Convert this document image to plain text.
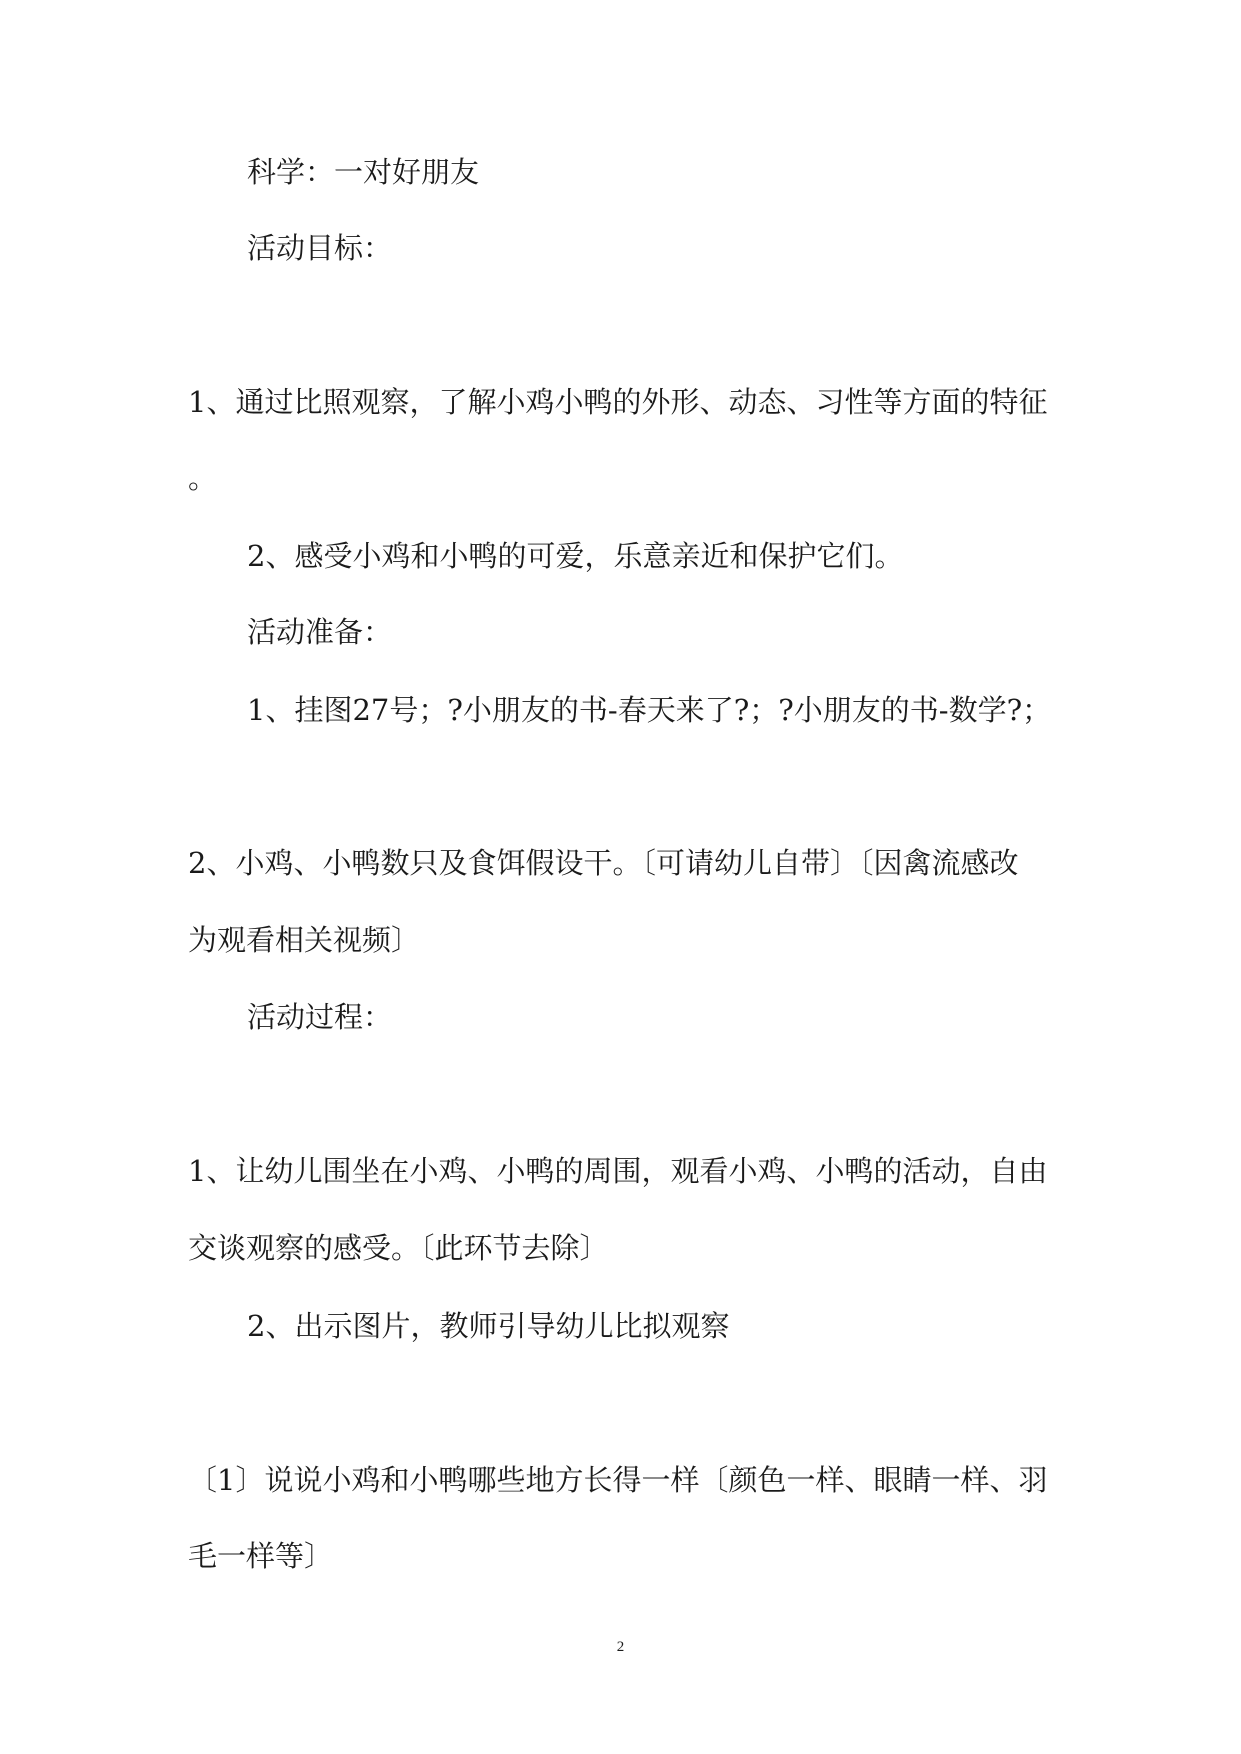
科学：一对好朋友
活动目标：
1、通过比照观察，了解小鸡小鸭的外形、动态、习性等方面的特征
。
2、感受小鸡和小鸭的可爱，乐意亲近和保护它们。
活动准备：
1、挂图27号；?小朋友的书-春天来了?；?小朋友的书-数学?；
2、小鸡、小鸭数只及食饵假设干。〔可请幼儿自带〕〔因禽流感改
为观看相关视频〕
活动过程：
1、让幼儿围坐在小鸡、小鸭的周围，观看小鸡、小鸭的活动，自由
交谈观察的感受。〔此环节去除〕
2、出示图片，教师引导幼儿比拟观察
〔1〕说说小鸡和小鸭哪些地方长得一样〔颜色一样、眼睛一样、羽
毛一样等〕
2
